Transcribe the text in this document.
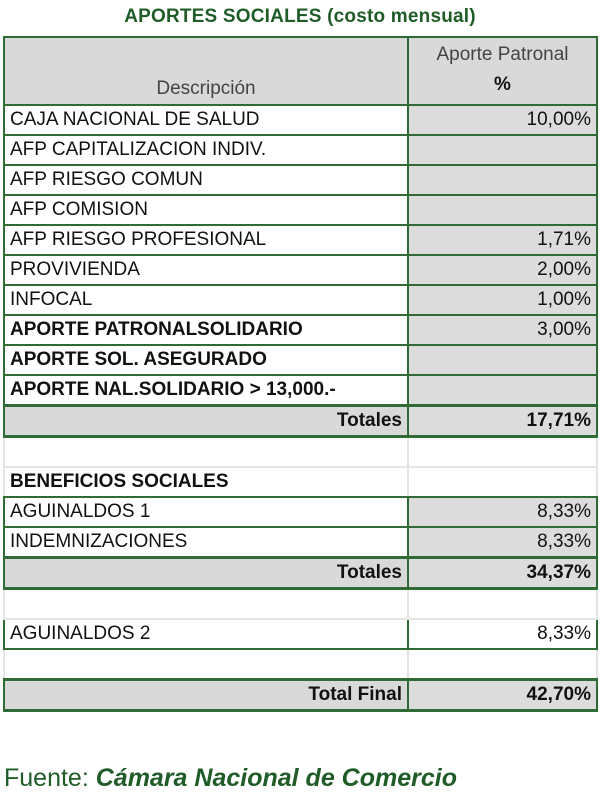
APORTES SOCIALES (costo mensual)
Descripción	Aporte Patronal
%

CAJA NACIONAL DE SALUD	10,00%
AFP CAPITALIZACION INDIV.	
AFP RIESGO COMUN	
AFP COMISION	
AFP RIESGO PROFESIONAL	1,71%
PROVIVIENDA	2,00%
INFOCAL	1,00%
APORTE PATRONALSOLIDARIO	3,00%
APORTE SOL. ASEGURADO	
APORTE NAL.SOLIDARIO > 13,000.-	
Totales	17,71%

BENEFICIOS SOCIALES	
AGUINALDOS 1	8,33%
INDEMNIZACIONES	8,33%
Totales	34,37%

AGUINALDOS 2	8,33%

Total Final	42,70%
Fuente: Cámara Nacional de Comercio
